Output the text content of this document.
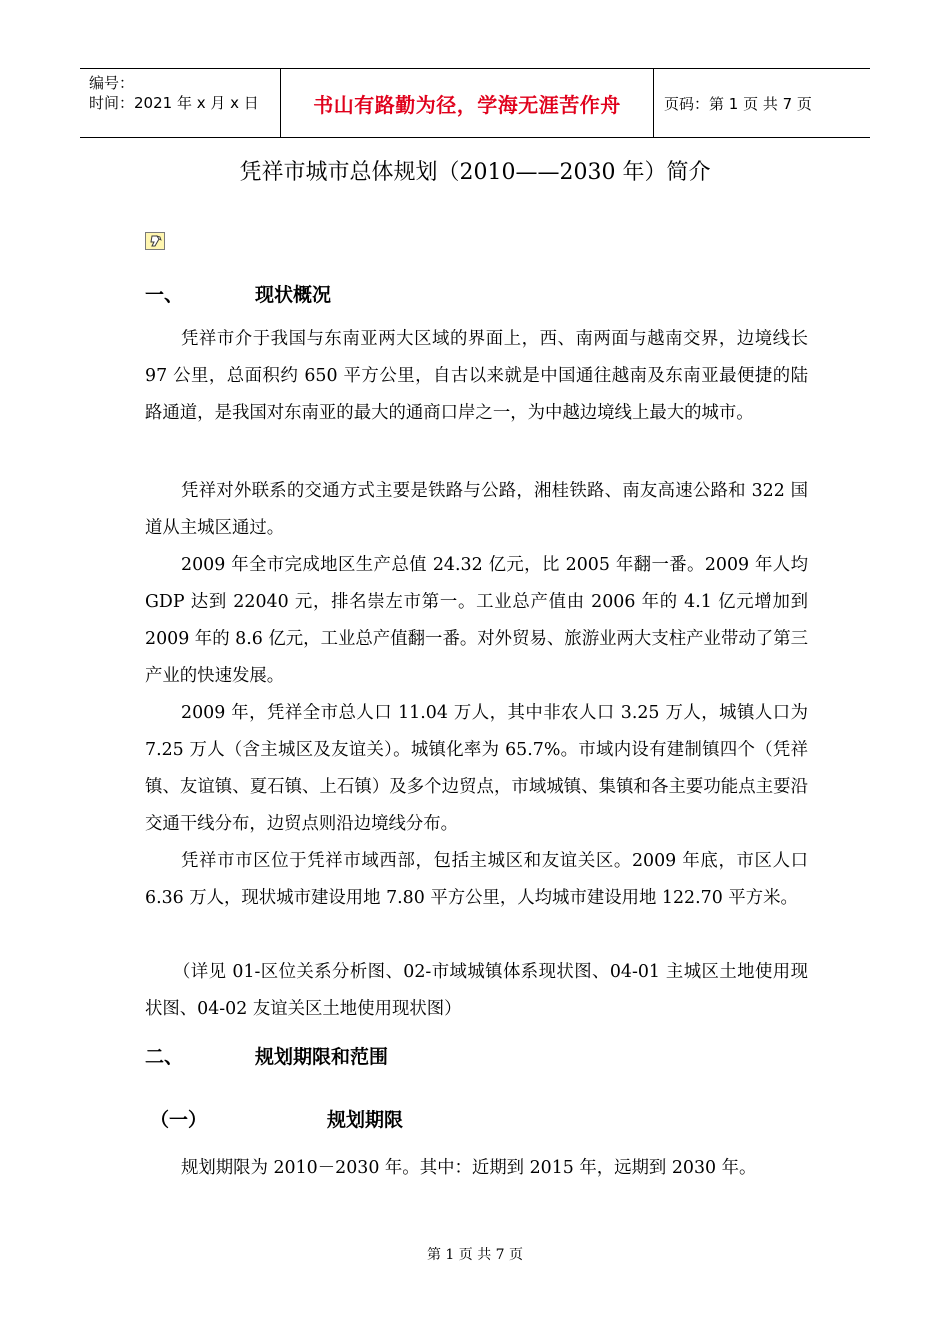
编号：
时间：2021 年 x 月 x 日	书山有路勤为径，学海无涯苦作舟	页码：第 1 页 共 7 页
凭祥市城市总体规划（2010——2030 年）简介
一、	现状概况

凭祥市介于我国与东南亚两大区域的界面上，西、南两面与越南交界，边境线长 97 公里，总面积约 650 平方公里，自古以来就是中国通往越南及东南亚最便捷的陆路通道，是我国对东南亚的最大的通商口岸之一，为中越边境线上最大的城市。

凭祥对外联系的交通方式主要是铁路与公路，湘桂铁路、南友高速公路和 322 国道从主城区通过。

2009 年全市完成地区生产总值 24.32 亿元，比 2005 年翻一番。2009 年人均 GDP 达到 22040 元，排名崇左市第一。工业总产值由 2006 年的 4.1 亿元增加到 2009 年的 8.6 亿元，工业总产值翻一番。对外贸易、旅游业两大支柱产业带动了第三产业的快速发展。

2009 年，凭祥全市总人口 11.04 万人，其中非农人口 3.25 万人，城镇人口为 7.25 万人（含主城区及友谊关）。城镇化率为 65.7%。市域内设有建制镇四个（凭祥镇、友谊镇、夏石镇、上石镇）及多个边贸点，市域城镇、集镇和各主要功能点主要沿交通干线分布，边贸点则沿边境线分布。

凭祥市市区位于凭祥市域西部，包括主城区和友谊关区。2009 年底，市区人口 6.36 万人，现状城市建设用地 7.80 平方公里，人均城市建设用地 122.70 平方米。

（详见 01-区位关系分析图、02-市域城镇体系现状图、04-01 主城区土地使用现状图、04-02 友谊关区土地使用现状图）

二、	规划期限和范围
（一）	规划期限

规划期限为 2010－2030 年。其中：近期到 2015 年，远期到 2030 年。

第 1 页 共 7 页
